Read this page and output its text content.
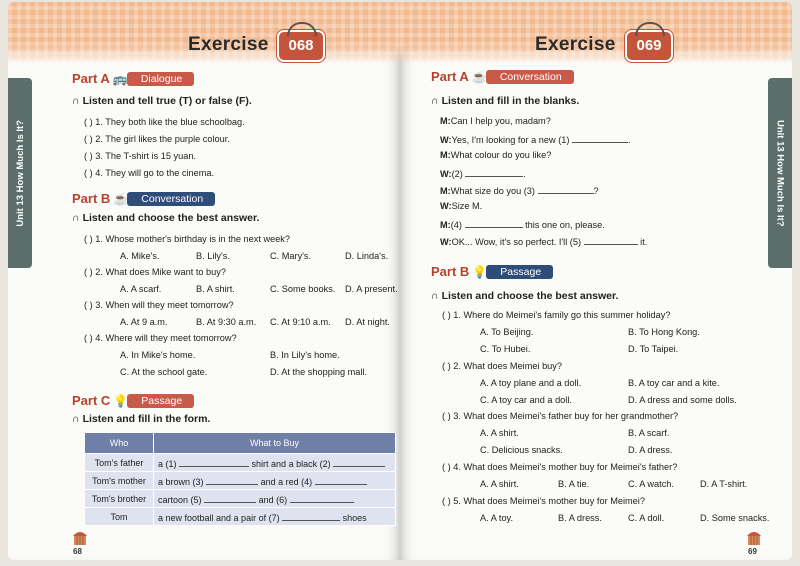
Exercise	068
Unit 13 How Much Is It?
Part A 🚌	Dialogue
∩ Listen and tell true (T) or false (F).
( ) 1. They both like the blue schoolbag.
( ) 2. The girl likes the purple colour.
( ) 3. The T-shirt is 15 yuan.
( ) 4. They will go to the cinema.
Part B ☕	Conversation
∩ Listen and choose the best answer.
( ) 1. Whose mother's birthday is in the next week?
A. Mike's.	B. Lily's.	C. Mary's.	D. Linda's.
( ) 2. What does Mike want to buy?
A. A scarf.	B. A shirt.	C. Some books. D. A present.
( ) 3. When will they meet tomorrow?
A. At 9 a.m.	B. At 9:30 a.m. C. At 9:10 a.m. D. At night.
( ) 4. Where will they meet tomorrow?
A. In Mike's home.	B. In Lily's home.
C. At the school gate.	D. At the shopping mall.
Part C 💡	Passage
∩ Listen and fill in the form.
Who	What to Buy
Tom's father	a (1) shirt and a black (2)
Tom's mother	a brown (3) and a red (4)
Tom's brother	cartoon (5) and (6)
Tom	a new football and a pair of (7) shoes
68
Exercise	069
Unit 13 How Much Is It?
Part A ☕	Conversation
∩ Listen and fill in the blanks.
M:Can I help you, madam?
W:Yes, I'm looking for a new (1)	.
M:What colour do you like?
W:(2)	.
M:What size do you (3)	?
W:Size M.
M:(4)	this one on, please.
W:OK... Wow, it's so perfect. I'll (5)	it.
Part B 💡	Passage
∩ Listen and choose the best answer.
( ) 1. Where do Meimei's family go this summer holiday?
A. To Beijing.	B. To Hong Kong.
C. To Hubei.	D. To Taipei.
( ) 2. What does Meimei buy?
A. A toy plane and a doll.	B. A toy car and a kite.
C. A toy car and a doll.	D. A dress and some dolls.
( ) 3. What does Meimei's father buy for her grandmother?
A. A shirt.	B. A scarf.
C. Delicious snacks.	D. A dress.
( ) 4. What does Meimei's mother buy for Meimei's father?
A. A shirt.	B. A tie.	C. A watch.	D. A T-shirt.
( ) 5. What does Meimei's mother buy for Meimei?
A. A toy.	B. A dress.	C. A doll.	D. Some snacks.
69
